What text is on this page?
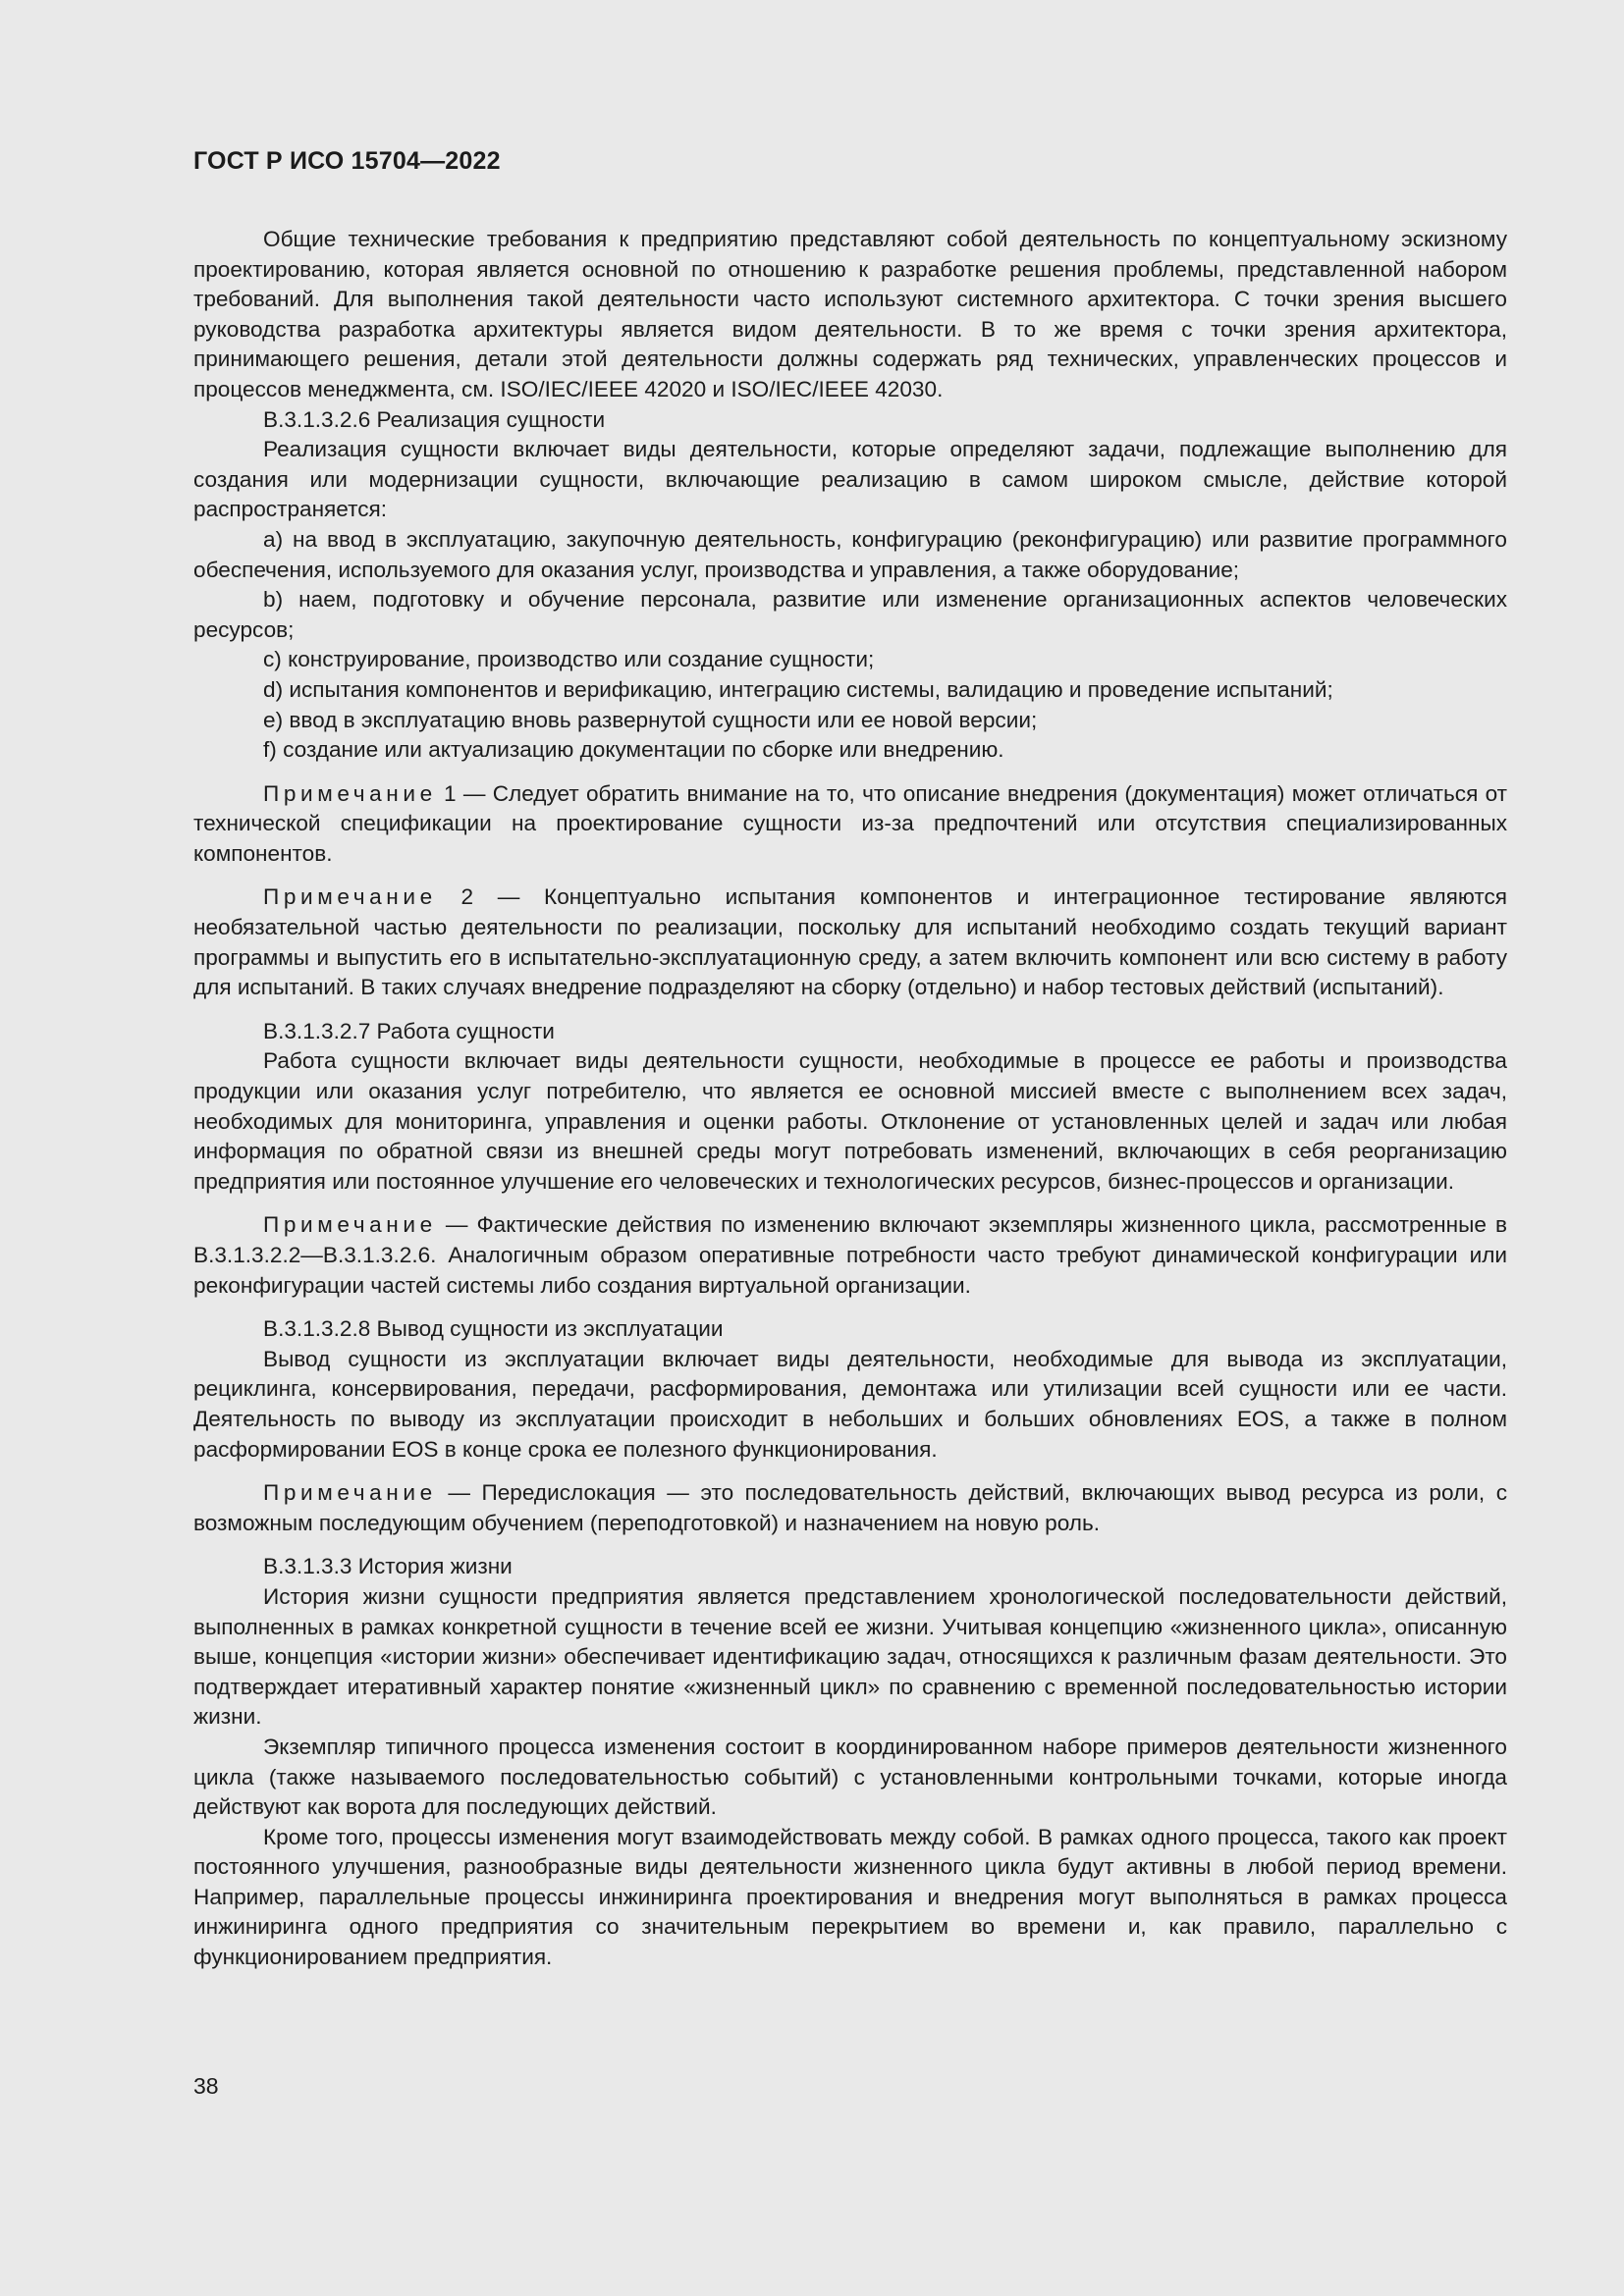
ГОСТ Р ИСО 15704—2022

Общие технические требования к предприятию представляют собой деятельность по концептуальному эскизному проектированию, которая является основной по отношению к разработке решения проблемы, представленной набором требований. Для выполнения такой деятельности часто используют системного архитектора. С точки зрения высшего руководства разработка архитектуры является видом деятельности. В то же время с точки зрения архитектора, принимающего решения, детали этой деятельности должны содержать ряд технических, управленческих процессов и процессов менеджмента, см. ISO/IEC/IEEE 42020 и ISO/IEC/IEEE 42030.

B.3.1.3.2.6 Реализация сущности

Реализация сущности включает виды деятельности, которые определяют задачи, подлежащие выполнению для создания или модернизации сущности, включающие реализацию в самом широком смысле, действие которой распространяется:

a) на ввод в эксплуатацию, закупочную деятельность, конфигурацию (реконфигурацию) или развитие программного обеспечения, используемого для оказания услуг, производства и управления, а также оборудование;

b) наем, подготовку и обучение персонала, развитие или изменение организационных аспектов человеческих ресурсов;

c) конструирование, производство или создание сущности;

d) испытания компонентов и верификацию, интеграцию системы, валидацию и проведение испытаний;

e) ввод в эксплуатацию вновь развернутой сущности или ее новой версии;

f) создание или актуализацию документации по сборке или внедрению.

Примечание 1 — Следует обратить внимание на то, что описание внедрения (документация) может отличаться от технической спецификации на проектирование сущности из-за предпочтений или отсутствия специализированных компонентов.

Примечание 2 — Концептуально испытания компонентов и интеграционное тестирование являются необязательной частью деятельности по реализации, поскольку для испытаний необходимо создать текущий вариант программы и выпустить его в испытательно-эксплуатационную среду, а затем включить компонент или всю систему в работу для испытаний. В таких случаях внедрение подразделяют на сборку (отдельно) и набор тестовых действий (испытаний).

B.3.1.3.2.7 Работа сущности

Работа сущности включает виды деятельности сущности, необходимые в процессе ее работы и производства продукции или оказания услуг потребителю, что является ее основной миссией вместе с выполнением всех задач, необходимых для мониторинга, управления и оценки работы. Отклонение от установленных целей и задач или любая информация по обратной связи из внешней среды могут потребовать изменений, включающих в себя реорганизацию предприятия или постоянное улучшение его человеческих и технологических ресурсов, бизнес-процессов и организации.

Примечание — Фактические действия по изменению включают экземпляры жизненного цикла, рассмотренные в B.3.1.3.2.2—B.3.1.3.2.6. Аналогичным образом оперативные потребности часто требуют динамической конфигурации или реконфигурации частей системы либо создания виртуальной организации.

B.3.1.3.2.8 Вывод сущности из эксплуатации

Вывод сущности из эксплуатации включает виды деятельности, необходимые для вывода из эксплуатации, рециклинга, консервирования, передачи, расформирования, демонтажа или утилизации всей сущности или ее части. Деятельность по выводу из эксплуатации происходит в небольших и больших обновлениях EOS, а также в полном расформировании EOS в конце срока ее полезного функционирования.

Примечание — Передислокация — это последовательность действий, включающих вывод ресурса из роли, с возможным последующим обучением (переподготовкой) и назначением на новую роль.

B.3.1.3.3 История жизни

История жизни сущности предприятия является представлением хронологической последовательности действий, выполненных в рамках конкретной сущности в течение всей ее жизни. Учитывая концепцию «жизненного цикла», описанную выше, концепция «истории жизни» обеспечивает идентификацию задач, относящихся к различным фазам деятельности. Это подтверждает итеративный характер понятие «жизненный цикл» по сравнению с временной последовательностью истории жизни.

Экземпляр типичного процесса изменения состоит в координированном наборе примеров деятельности жизненного цикла (также называемого последовательностью событий) с установленными контрольными точками, которые иногда действуют как ворота для последующих действий.

Кроме того, процессы изменения могут взаимодействовать между собой. В рамках одного процесса, такого как проект постоянного улучшения, разнообразные виды деятельности жизненного цикла будут активны в любой период времени. Например, параллельные процессы инжиниринга проектирования и внедрения могут выполняться в рамках процесса инжиниринга одного предприятия со значительным перекрытием во времени и, как правило, параллельно с функционированием предприятия.

38
